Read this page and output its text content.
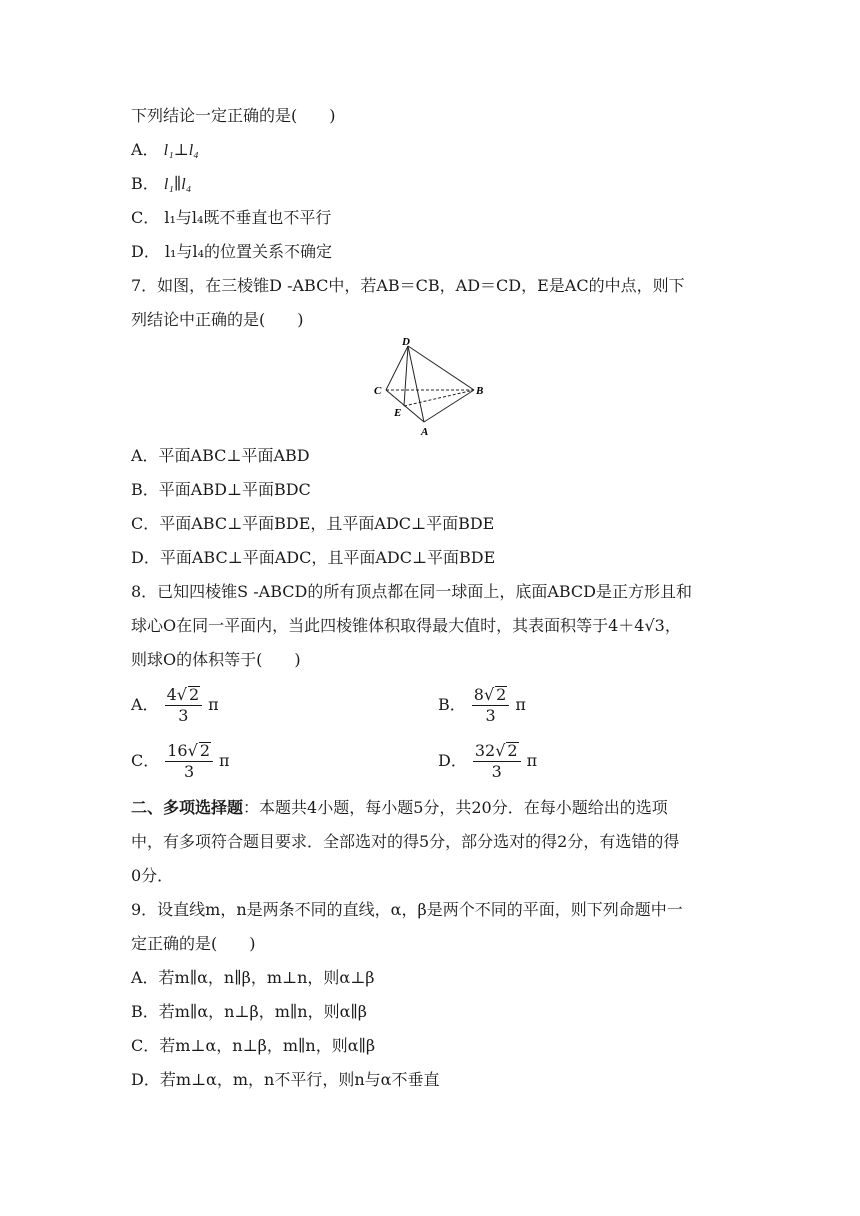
下列结论一定正确的是(　　)
A． l₁⊥l₄
B． l₁∥l₄
C． l₁与l₄既不垂直也不平行
D． l₁与l₄的位置关系不确定
7．如图，在三棱锥D -ABC中，若AB＝CB，AD＝CD，E是AC的中点，则下
列结论中正确的是(　　)
D
C	B
E
A
A．平面ABC⊥平面ABD
B．平面ABD⊥平面BDC
C．平面ABC⊥平面BDE，且平面ADC⊥平面BDE
D．平面ABC⊥平面ADC，且平面ADC⊥平面BDE
8．已知四棱锥S -ABCD的所有顶点都在同一球面上，底面ABCD是正方形且和
球心O在同一平面内，当此四棱锥体积取得最大值时，其表面积等于4＋4√3，
则球O的体积等于(　　)
A． $\frac{4√ 2}{3}$ π	B． $\frac{8√ 2}{3}$ π
C． $\frac{16√ 2}{3}$ π	D． $\frac{32√ 2}{3}$ π
二、多项选择题：本题共4小题，每小题5分，共20分．在每小题给出的选项
中，有多项符合题目要求．全部选对的得5分，部分选对的得2分，有选错的得
0分．
9．设直线m，n是两条不同的直线，α，β是两个不同的平面，则下列命题中一
定正确的是(　　)
A．若m∥α，n∥β，m⊥n，则α⊥β
B．若m∥α，n⊥β，m∥n，则α∥β
C．若m⊥α，n⊥β，m∥n，则α∥β
D．若m⊥α，m，n不平行，则n与α不垂直
